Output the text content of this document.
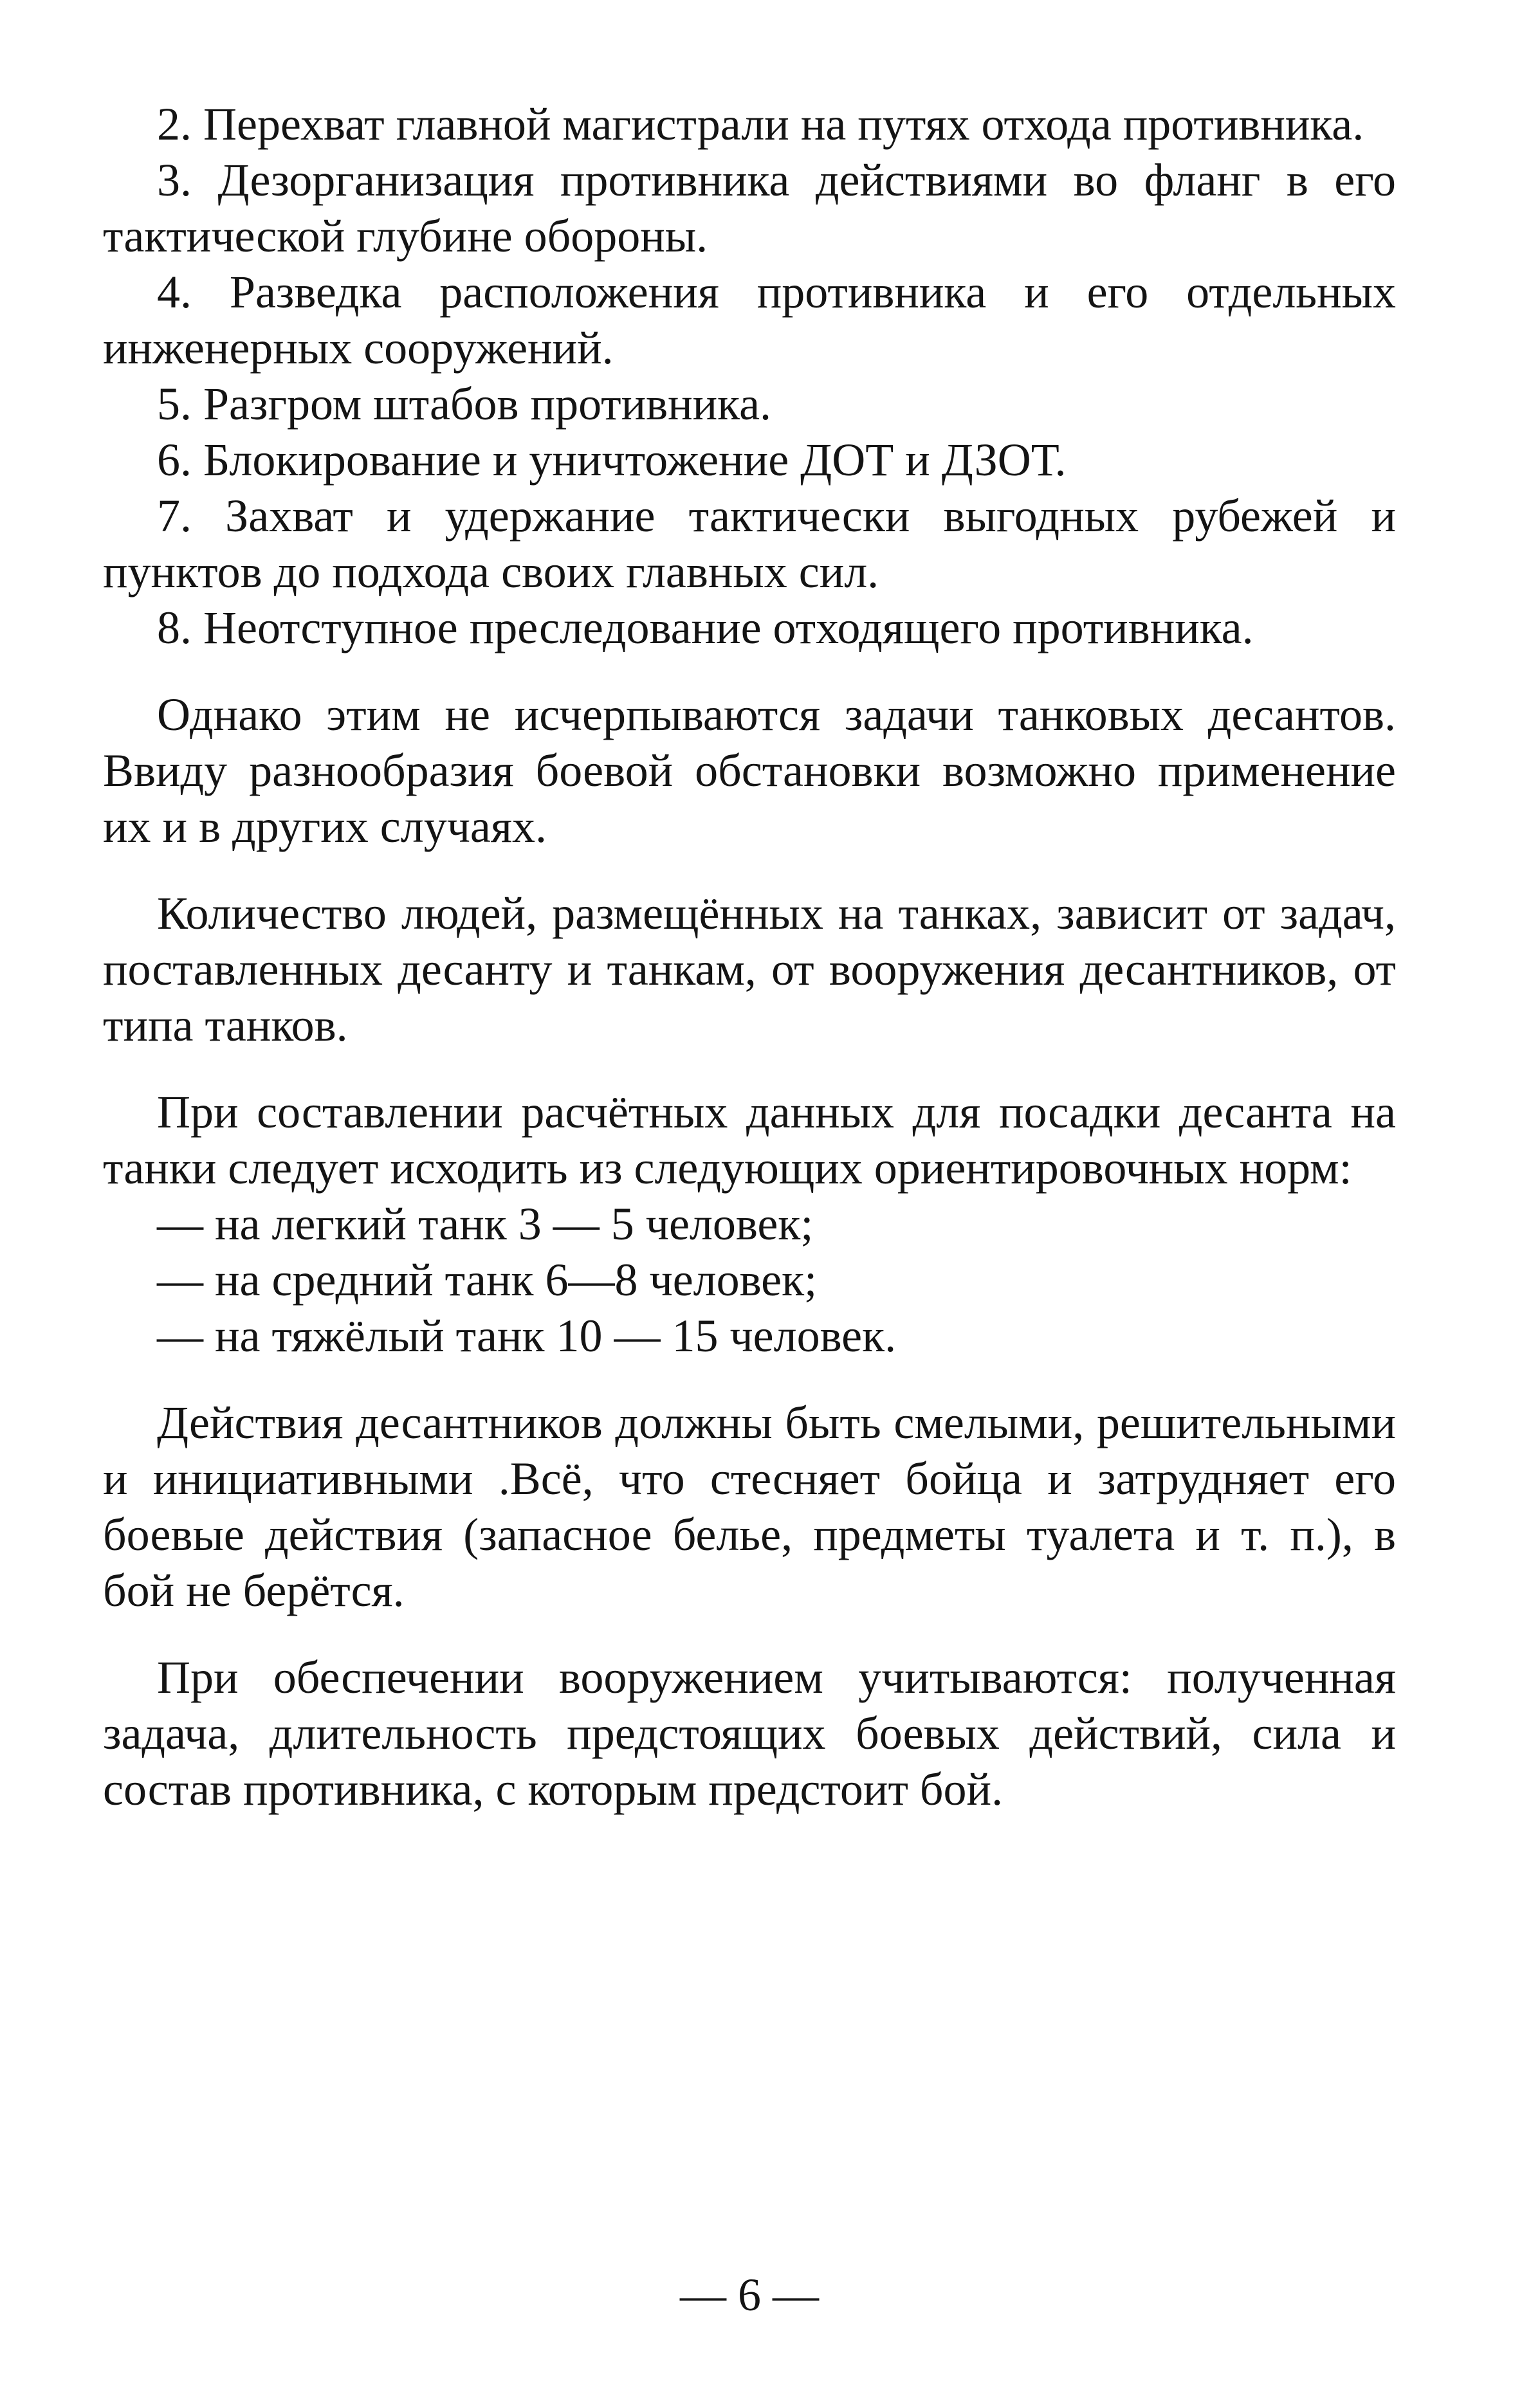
2. Перехват главной магистрали на путях отхода противника.

3. Дезорганизация противника действиями во фланг в его тактической глубине обороны.

4. Разведка расположения противника и его отдельных инженерных сооружений.

5. Разгром штабов противника.

6. Блокирование и уничтожение ДОТ и ДЗОТ.

7. Захват и удержание тактически выгодных рубежей и пунктов до подхода своих главных сил.

8. Неотступное преследование отходящего противника.

Однако этим не исчерпываются задачи танковых десантов. Ввиду разнообразия боевой обстановки возможно применение их и в других случаях.

Количество людей, размещённых на танках, зависит от задач, поставленных десанту и танкам, от вооружения десантников, от типа танков.

При составлении расчётных данных для посадки десанта на танки следует исходить из следующих ориентировочных норм:

— на легкий танк 3 — 5 человек;
— на средний танк 6—8 человек;
— на тяжёлый танк 10 — 15 человек.

Действия десантников должны быть смелыми, решительными и инициативными .Всё, что стесняет бойца и затрудняет его боевые действия (запасное белье, предметы туалета и т. п.), в бой не берётся.

При обеспечении вооружением учитываются: полученная задача, длительность предстоящих боевых действий, сила и состав противника, с которым предстоит бой.

— 6 —
